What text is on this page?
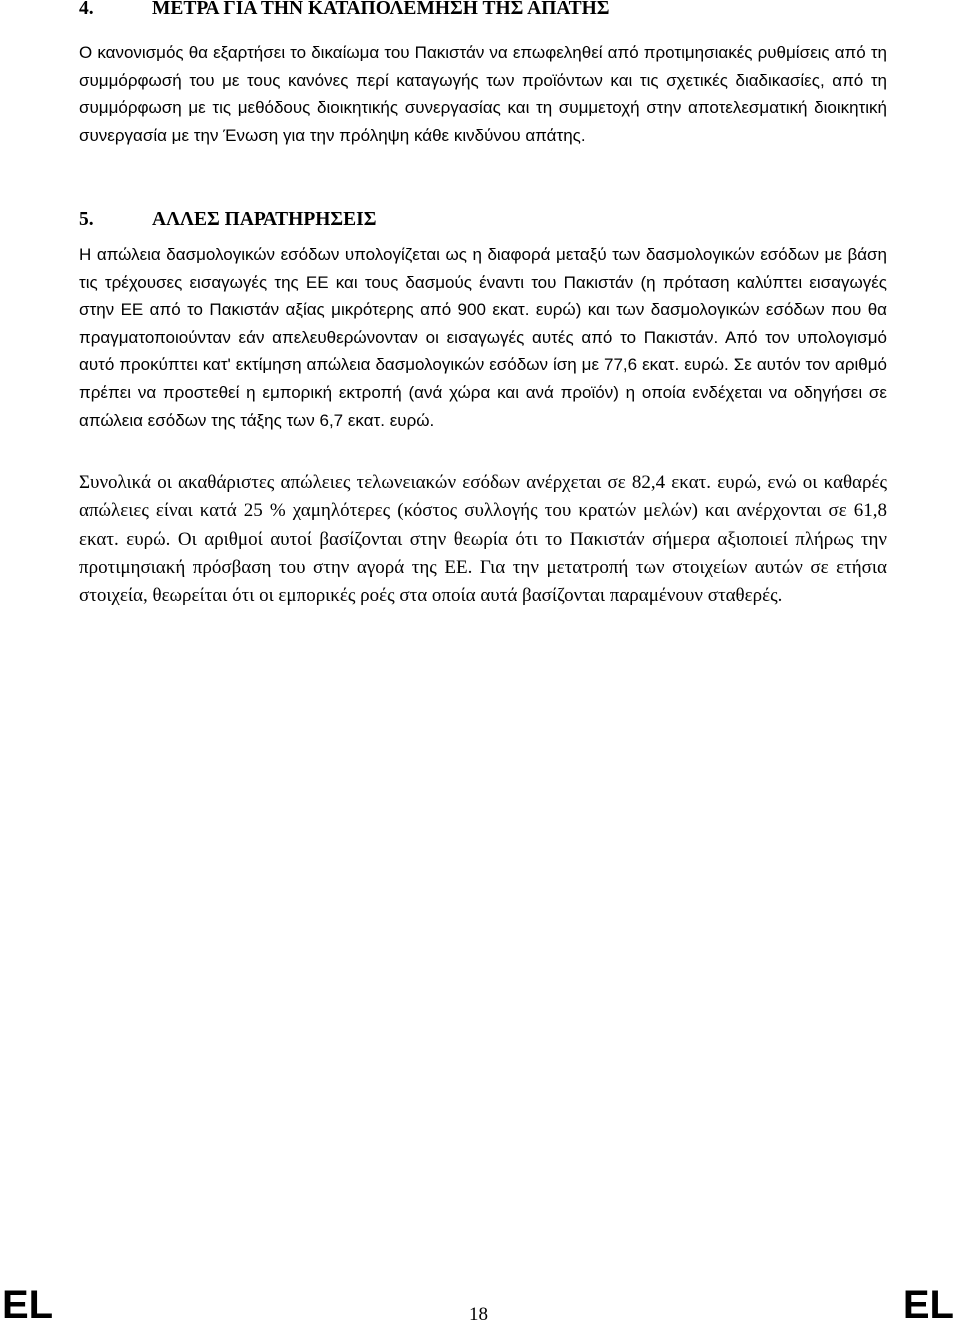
4.	ΜΕΤΡΑ ΓΙΑ ΤΗΝ ΚΑΤΑΠΟΛΕΜΗΣΗ ΤΗΣ ΑΠΑΤΗΣ

Ο κανονισμός θα εξαρτήσει το δικαίωμα του Πακιστάν να επωφεληθεί από προτιμησιακές ρυθμίσεις από τη συμμόρφωσή του με τους κανόνες περί καταγωγής των προϊόντων και τις σχετικές διαδικασίες, από τη συμμόρφωση με τις μεθόδους διοικητικής συνεργασίας και τη συμμετοχή στην αποτελεσματική διοικητική συνεργασία με την Ένωση για την πρόληψη κάθε κινδύνου απάτης.

5.	ΑΛΛΕΣ ΠΑΡΑΤΗΡΗΣΕΙΣ

Η απώλεια δασμολογικών εσόδων υπολογίζεται ως η διαφορά μεταξύ των δασμολογικών εσόδων με βάση τις τρέχουσες εισαγωγές της ΕΕ και τους δασμούς έναντι του Πακιστάν (η πρόταση καλύπτει εισαγωγές στην ΕΕ από το Πακιστάν αξίας μικρότερης από 900 εκατ. ευρώ) και των δασμολογικών εσόδων που θα πραγματοποιούνταν εάν απελευθερώνονταν οι εισαγωγές αυτές από το Πακιστάν. Από τον υπολογισμό αυτό προκύπτει κατ' εκτίμηση απώλεια δασμολογικών εσόδων ίση με 77,6 εκατ. ευρώ. Σε αυτόν τον αριθμό πρέπει να προστεθεί η εμπορική εκτροπή (ανά χώρα και ανά προϊόν) η οποία ενδέχεται να οδηγήσει σε απώλεια εσόδων της τάξης των 6,7 εκατ. ευρώ.

Συνολικά οι ακαθάριστες απώλειες τελωνειακών εσόδων ανέρχεται σε 82,4 εκατ. ευρώ, ενώ οι καθαρές απώλειες είναι κατά 25 % χαμηλότερες (κόστος συλλογής του κρατών μελών) και ανέρχονται σε 61,8 εκατ. ευρώ. Οι αριθμοί αυτοί βασίζονται στην θεωρία ότι το Πακιστάν σήμερα αξιοποιεί πλήρως την προτιμησιακή πρόσβαση του στην αγορά της ΕΕ. Για την μετατροπή των στοιχείων αυτών σε ετήσια στοιχεία, θεωρείται ότι οι εμπορικές ροές στα οποία αυτά βασίζονται παραμένουν σταθερές.

EL	18	EL
